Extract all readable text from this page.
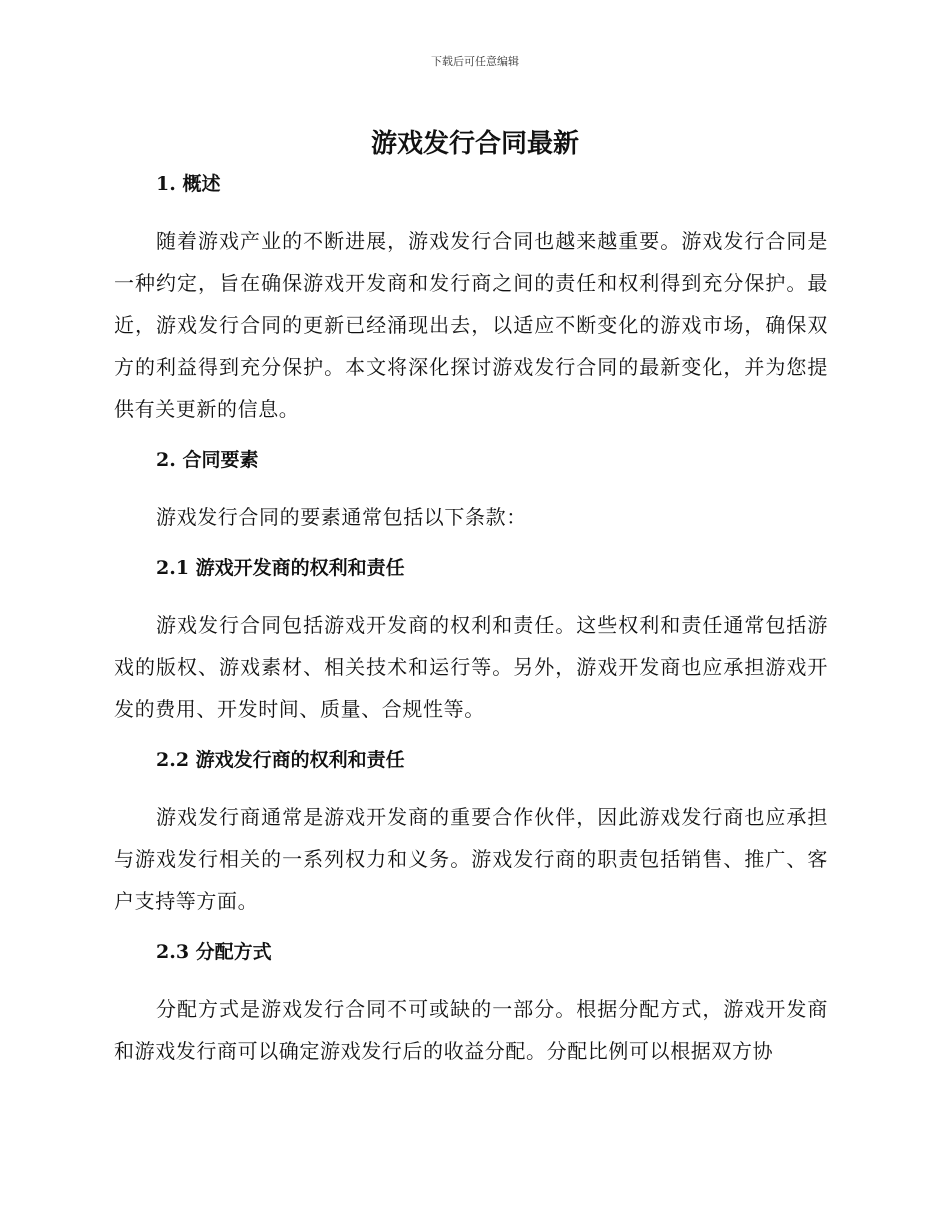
下载后可任意编辑
游戏发行合同最新
1. 概述

随着游戏产业的不断进展，游戏发行合同也越来越重要。游戏发行合同是一种约定，旨在确保游戏开发商和发行商之间的责任和权利得到充分保护。最近，游戏发行合同的更新已经涌现出去，以适应不断变化的游戏市场，确保双方的利益得到充分保护。本文将深化探讨游戏发行合同的最新变化，并为您提供有关更新的信息。

2. 合同要素

游戏发行合同的要素通常包括以下条款：

2.1 游戏开发商的权利和责任

游戏发行合同包括游戏开发商的权利和责任。这些权利和责任通常包括游戏的版权、游戏素材、相关技术和运行等。另外，游戏开发商也应承担游戏开发的费用、开发时间、质量、合规性等。

2.2 游戏发行商的权利和责任

游戏发行商通常是游戏开发商的重要合作伙伴，因此游戏发行商也应承担与游戏发行相关的一系列权力和义务。游戏发行商的职责包括销售、推广、客户支持等方面。

2.3 分配方式

分配方式是游戏发行合同不可或缺的一部分。根据分配方式，游戏开发商和游戏发行商可以确定游戏发行后的收益分配。分配比例可以根据双方协
